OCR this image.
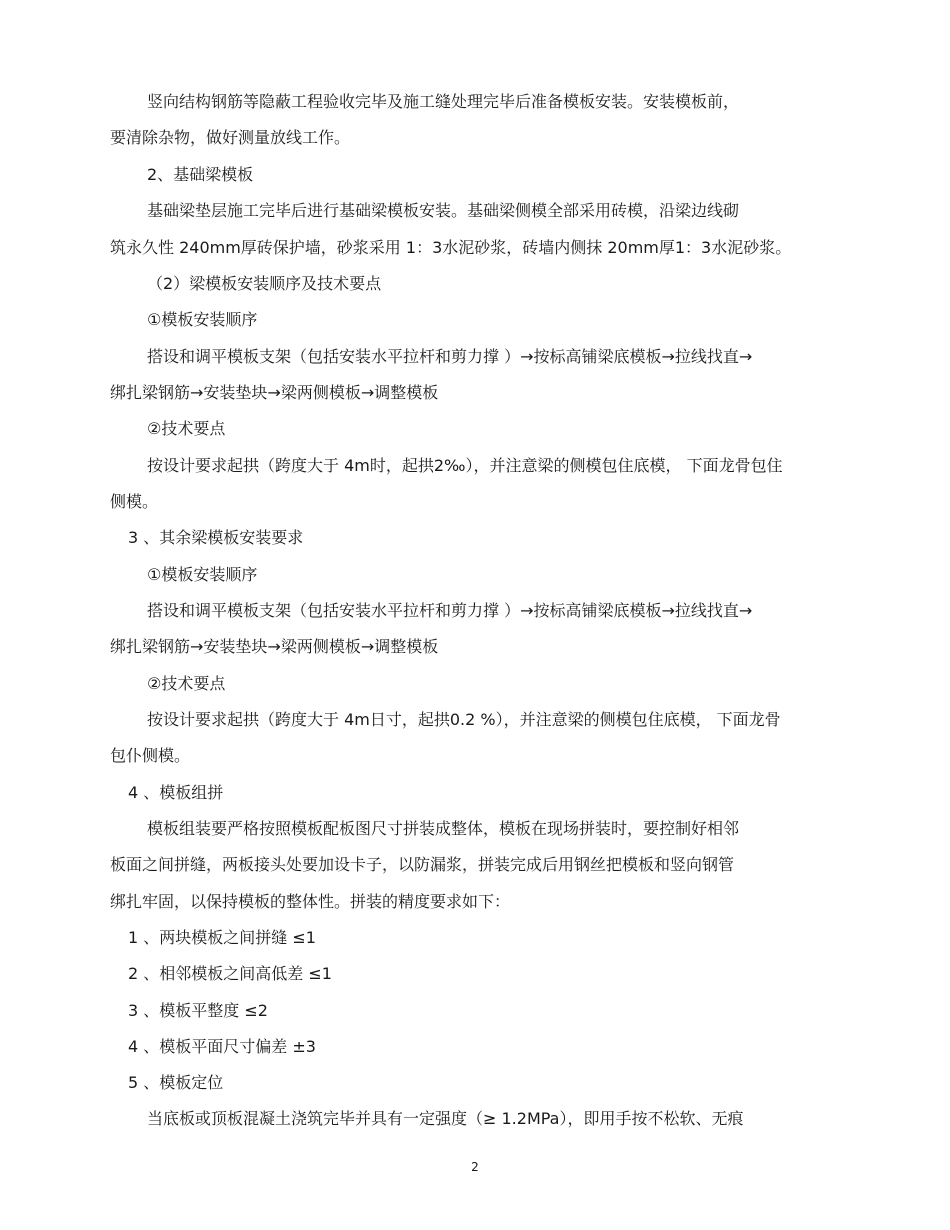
竖向结构钢筋等隐蔽工程验收完毕及施工缝处理完毕后准备模板安装。安装模板前，
要清除杂物，做好测量放线工作。
2、基础梁模板
基础梁垫层施工完毕后进行基础梁模板安装。基础梁侧模全部采用砖模，沿梁边线砌
筑永久性 240mm厚砖保护墙，砂浆采用 1：3水泥砂浆，砖墙内侧抹 20mm厚1：3水泥砂浆。
（2）梁模板安装顺序及技术要点
①模板安装顺序
搭设和调平模板支架（包括安装水平拉杆和剪力撑 ）→按标高铺梁底模板→拉线找直→
绑扎梁钢筋→安装垫块→梁两侧模板→调整模板
②技术要点
按设计要求起拱（跨度大于 4m时，起拱2‰），并注意梁的侧模包住底模， 下面龙骨包住
侧模。
3 、其余梁模板安装要求
①模板安装顺序
搭设和调平模板支架（包括安装水平拉杆和剪力撑 ）→按标高铺梁底模板→拉线找直→
绑扎梁钢筋→安装垫块→梁两侧模板→调整模板
②技术要点
按设计要求起拱（跨度大于 4m日寸，起拱0.2 %），并注意梁的侧模包住底模， 下面龙骨
包仆侧模。
4 、模板组拼
模板组装要严格按照模板配板图尺寸拼装成整体，模板在现场拼装时，要控制好相邻
板面之间拼缝，两板接头处要加设卡子，以防漏浆，拼装完成后用钢丝把模板和竖向钢管
绑扎牢固，以保持模板的整体性。拼装的精度要求如下：
1 、两块模板之间拼缝 ≤1
2 、相邻模板之间高低差 ≤1
3 、模板平整度 ≤2
4 、模板平面尺寸偏差 ±3
5 、模板定位
当底板或顶板混凝土浇筑完毕并具有一定强度（≥ 1.2MPa），即用手按不松软、无痕
2
